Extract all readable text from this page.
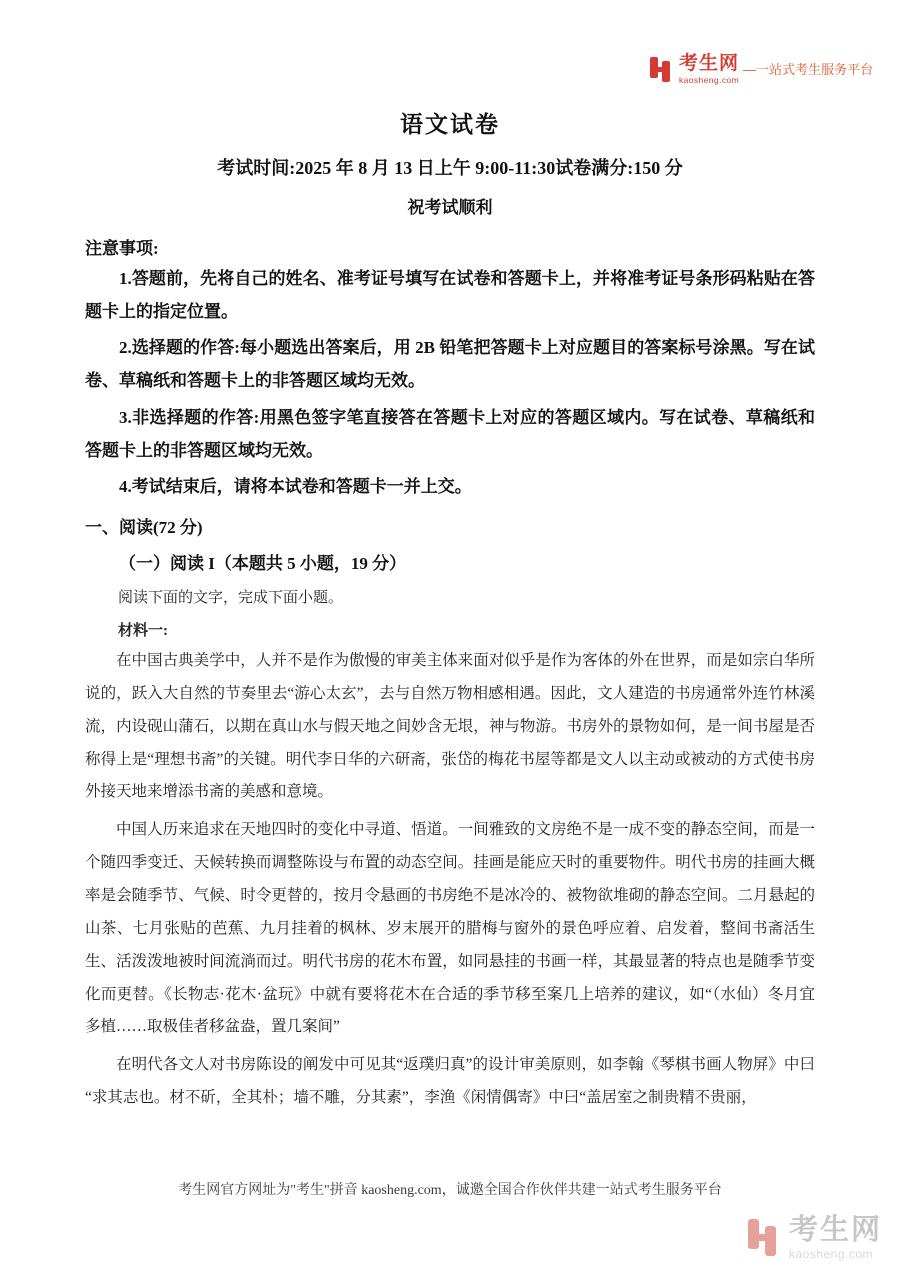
考生网
kaosheng.com
—一站式考生服务平台
语文试卷
考试时间:2025 年 8 月 13 日上午 9:00-11:30试卷满分:150 分
祝考试顺利
注意事项:

1.答题前，先将自己的姓名、准考证号填写在试卷和答题卡上，并将准考证号条形码粘贴在答题卡上的指定位置。

2.选择题的作答:每小题选出答案后，用 2B 铅笔把答题卡上对应题目的答案标号涂黑。写在试卷、草稿纸和答题卡上的非答题区域均无效。

3.非选择题的作答:用黑色签字笔直接答在答题卡上对应的答题区域内。写在试卷、草稿纸和答题卡上的非答题区域均无效。

4.考试结束后，请将本试卷和答题卡一并上交。

一、阅读(72 分)
（一）阅读 I（本题共 5 小题，19 分）

阅读下面的文字，完成下面小题。

材料一:

在中国古典美学中，人并不是作为傲慢的审美主体来面对似乎是作为客体的外在世界，而是如宗白华所说的，跃入大自然的节奏里去“游心太玄”，去与自然万物相感相遇。因此，文人建造的书房通常外连竹林溪流，内设砚山蒲石，以期在真山水与假天地之间妙含无垠，神与物游。书房外的景物如何，是一间书屋是否称得上是“理想书斋”的关键。明代李日华的六研斋，张岱的梅花书屋等都是文人以主动或被动的方式使书房外接天地来增添书斋的美感和意境。

中国人历来追求在天地四时的变化中寻道、悟道。一间雅致的文房绝不是一成不变的静态空间，而是一个随四季变迁、天候转换而调整陈设与布置的动态空间。挂画是能应天时的重要物件。明代书房的挂画大概率是会随季节、气候、时令更替的，按月令悬画的书房绝不是冰冷的、被物欲堆砌的静态空间。二月悬起的山茶、七月张贴的芭蕉、九月挂着的枫林、岁末展开的腊梅与窗外的景色呼应着、启发着，整间书斋活生生、活泼泼地被时间流淌而过。明代书房的花木布置，如同悬挂的书画一样，其最显著的特点也是随季节变化而更替。《长物志·花木·盆玩》中就有要将花木在合适的季节移至案几上培养的建议，如“（水仙）冬月宜多植……取极佳者移盆盎，置几案间”

在明代各文人对书房陈设的阐发中可见其“返璞归真”的设计审美原则，如李翰《琴棋书画人物屏》中曰“求其志也。材不斫，全其朴；墙不雕，分其素”，李渔《闲情偶寄》中曰“盖居室之制贵精不贵丽，

考生网官方网址为"考生"拼音 kaosheng.com，诚邀全国合作伙伴共建一站式考生服务平台
考生网
kaosheng.com
